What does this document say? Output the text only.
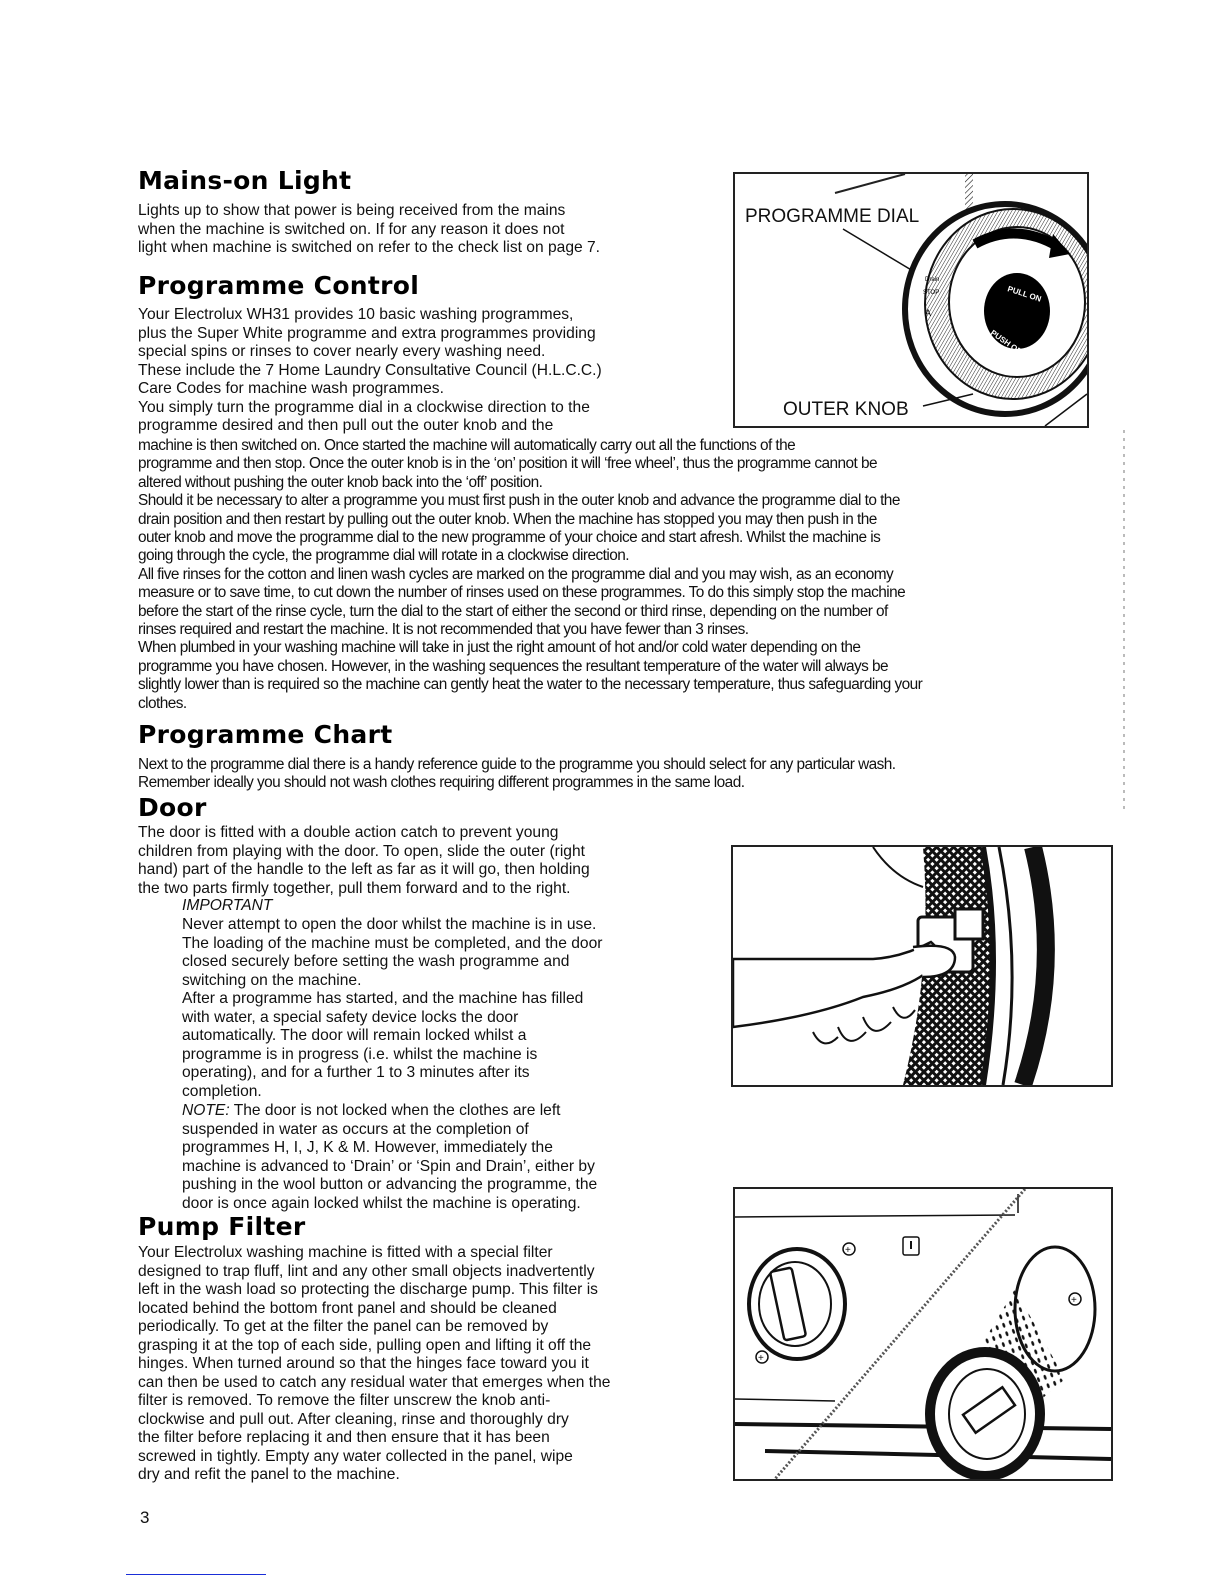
Mains-on Light

Lights up to show that power is being received from the mains
when the machine is switched on. If for any reason it does not
light when machine is switched on refer to the check list on page 7.

Programme Control

Your Electrolux WH31 provides 10 basic washing programmes,
plus the Super White programme and extra programmes providing
special spins or rinses to cover nearly every washing need.
These include the 7 Home Laundry Consultative Council (H.L.C.C.)
Care Codes for machine wash programmes.
You simply turn the programme dial in a clockwise direction to the
programme desired and then pull out the outer knob and the

machine is then switched on. Once started the machine will automatically carry out all the functions of the
programme and then stop. Once the outer knob is in the ‘on’ position it will ‘free wheel’, thus the programme cannot be
altered without pushing the outer knob back into the ‘off’ position.
Should it be necessary to alter a programme you must first push in the outer knob and advance the programme dial to the
drain position and then restart by pulling out the outer knob. When the machine has stopped you may then push in the
outer knob and move the programme dial to the new programme of your choice and start afresh. Whilst the machine is
going through the cycle, the programme dial will rotate in a clockwise direction.
All five rinses for the cotton and linen wash cycles are marked on the programme dial and you may wish, as an economy
measure or to save time, to cut down the number of rinses used on these programmes. To do this simply stop the machine
before the start of the rinse cycle, turn the dial to the start of either the second or third rinse, depending on the number of
rinses required and restart the machine. It is not recommended that you have fewer than 3 rinses.
When plumbed in your washing machine will take in just the right amount of hot and/or cold water depending on the
programme you have chosen. However, in the washing sequences the resultant temperature of the water will always be
slightly lower than is required so the machine can gently heat the water to the necessary temperature, thus safeguarding your
clothes.

Programme Chart

Next to the programme dial there is a handy reference guide to the programme you should select for any particular wash.
Remember ideally you should not wash clothes requiring different programmes in the same load.

Door

The door is fitted with a double action catch to prevent young
children from playing with the door. To open, slide the outer (right
hand) part of the handle to the left as far as it will go, then holding
the two parts firmly together, pull them forward and to the right.

IMPORTANT

Never attempt to open the door whilst the machine is in use.
The loading of the machine must be completed, and the door
closed securely before setting the wash programme and
switching on the machine.
After a programme has started, and the machine has filled
with water, a special safety device locks the door
automatically. The door will remain locked whilst a
programme is in progress (i.e. whilst the machine is
operating), and for a further 1 to 3 minutes after its
completion.

NOTE: The door is not locked when the clothes are left
suspended in water as occurs at the completion of
programmes H, I, J, K & M. However, immediately the
machine is advanced to ‘Drain’ or ‘Spin and Drain’, either by
pushing in the wool button or advancing the programme, the
door is once again locked whilst the machine is operating.

Pump Filter

Your Electrolux washing machine is fitted with a special filter
designed to trap fluff, lint and any other small objects inadvertently
left in the wash load so protecting the discharge pump. This filter is
located behind the bottom front panel and should be cleaned
periodically. To get at the filter the panel can be removed by
grasping it at the top of each side, pulling open and lifting it off the
hinges. When turned around so that the hinges face toward you it
can then be used to catch any residual water that emerges when the
filter is removed. To remove the filter unscrew the knob anti-
clockwise and pull out. After cleaning, rinse and thoroughly dry
the filter before replacing it and then ensure that it has been
screwed in tightly. Empty any water collected in the panel, wipe
dry and refit the panel to the machine.

PULL ON
PUSH OFF
Drain
STOP
A
PROGRAMME DIAL
OUTER KNOB
+
+
+
3
